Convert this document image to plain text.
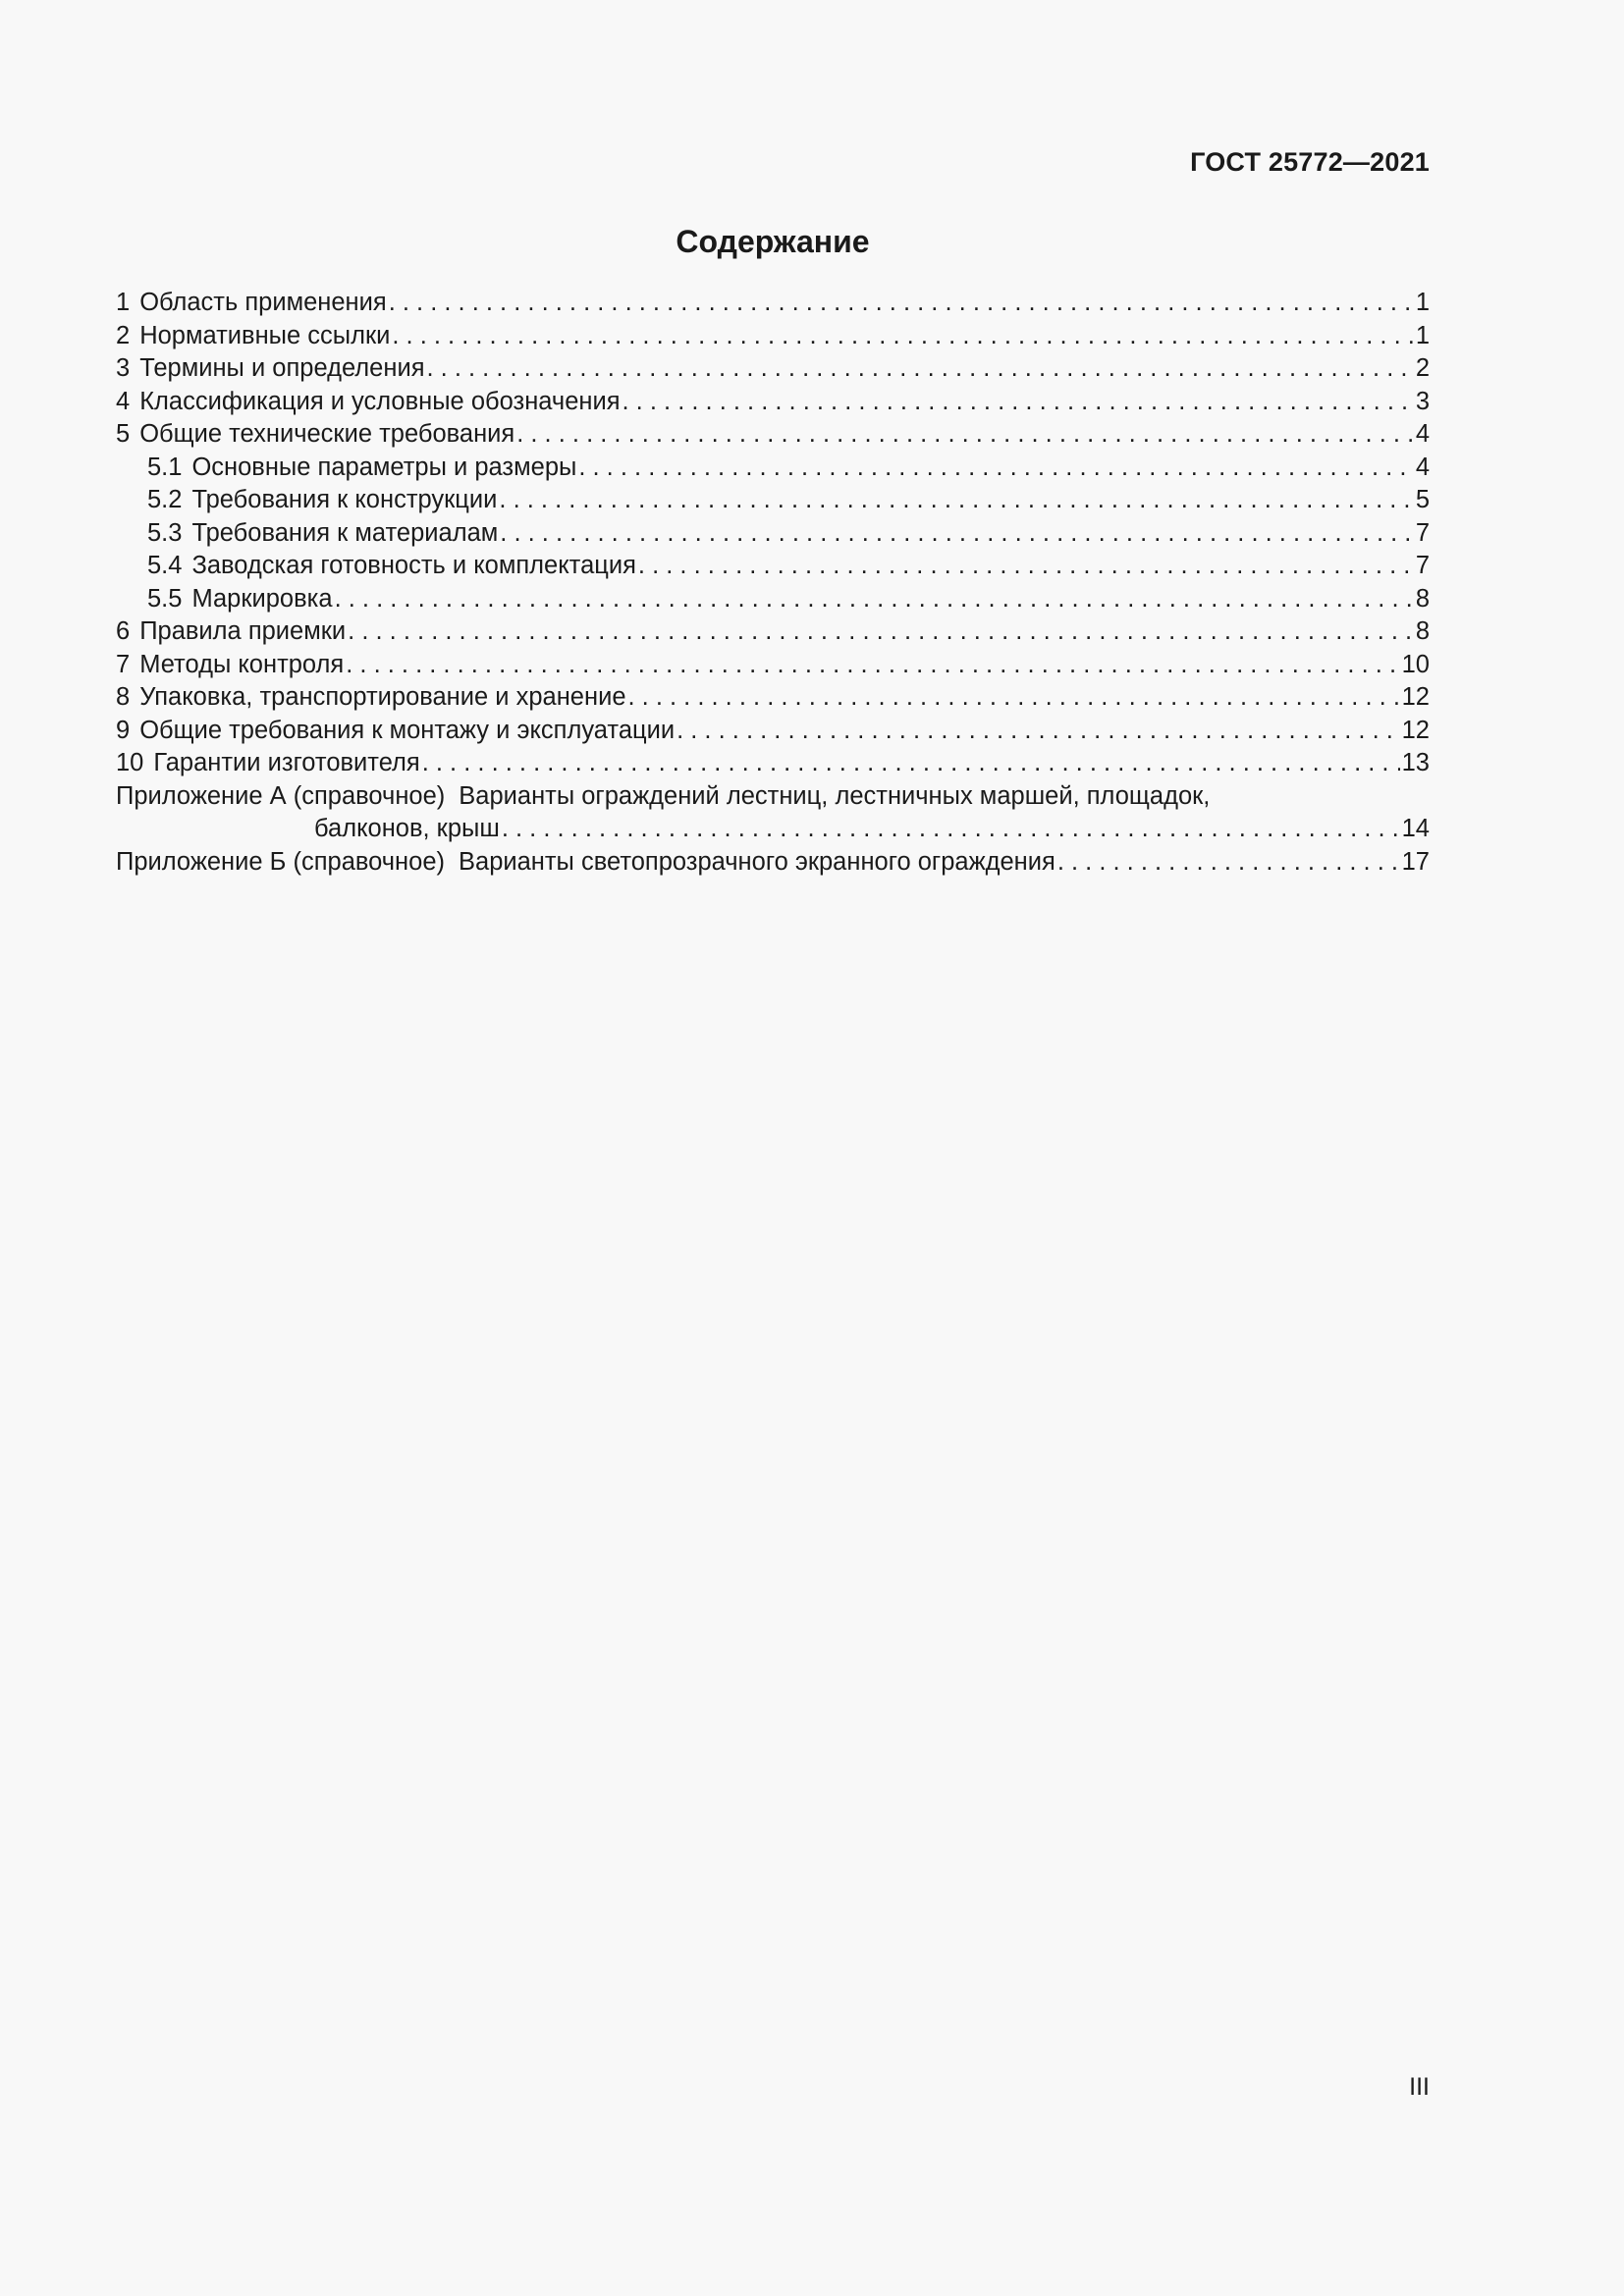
ГОСТ 25772—2021
Содержание
1 Область применения . . .	1
2 Нормативные ссылки . . .	1
3 Термины и определения . . .	2
4 Классификация и условные обозначения . . .	3
5 Общие технические требования . . .	4
5.1 Основные параметры и размеры . . .	4
5.2 Требования к конструкции . . .	5
5.3 Требования к материалам . . .	7
5.4 Заводская готовность и комплектация . . .	7
5.5 Маркировка . . .	8
6 Правила приемки . . .	8
7 Методы контроля . . .	10
8 Упаковка, транспортирование и хранение . . .	12
9 Общие требования к монтажу и эксплуатации . . .	12
10 Гарантии изготовителя . . .	13
Приложение А (справочное) Варианты ограждений лестниц, лестничных маршей, площадок,
балконов, крыш . . .	14
Приложение Б (справочное) Варианты светопрозрачного экранного ограждения . . .	17
III
